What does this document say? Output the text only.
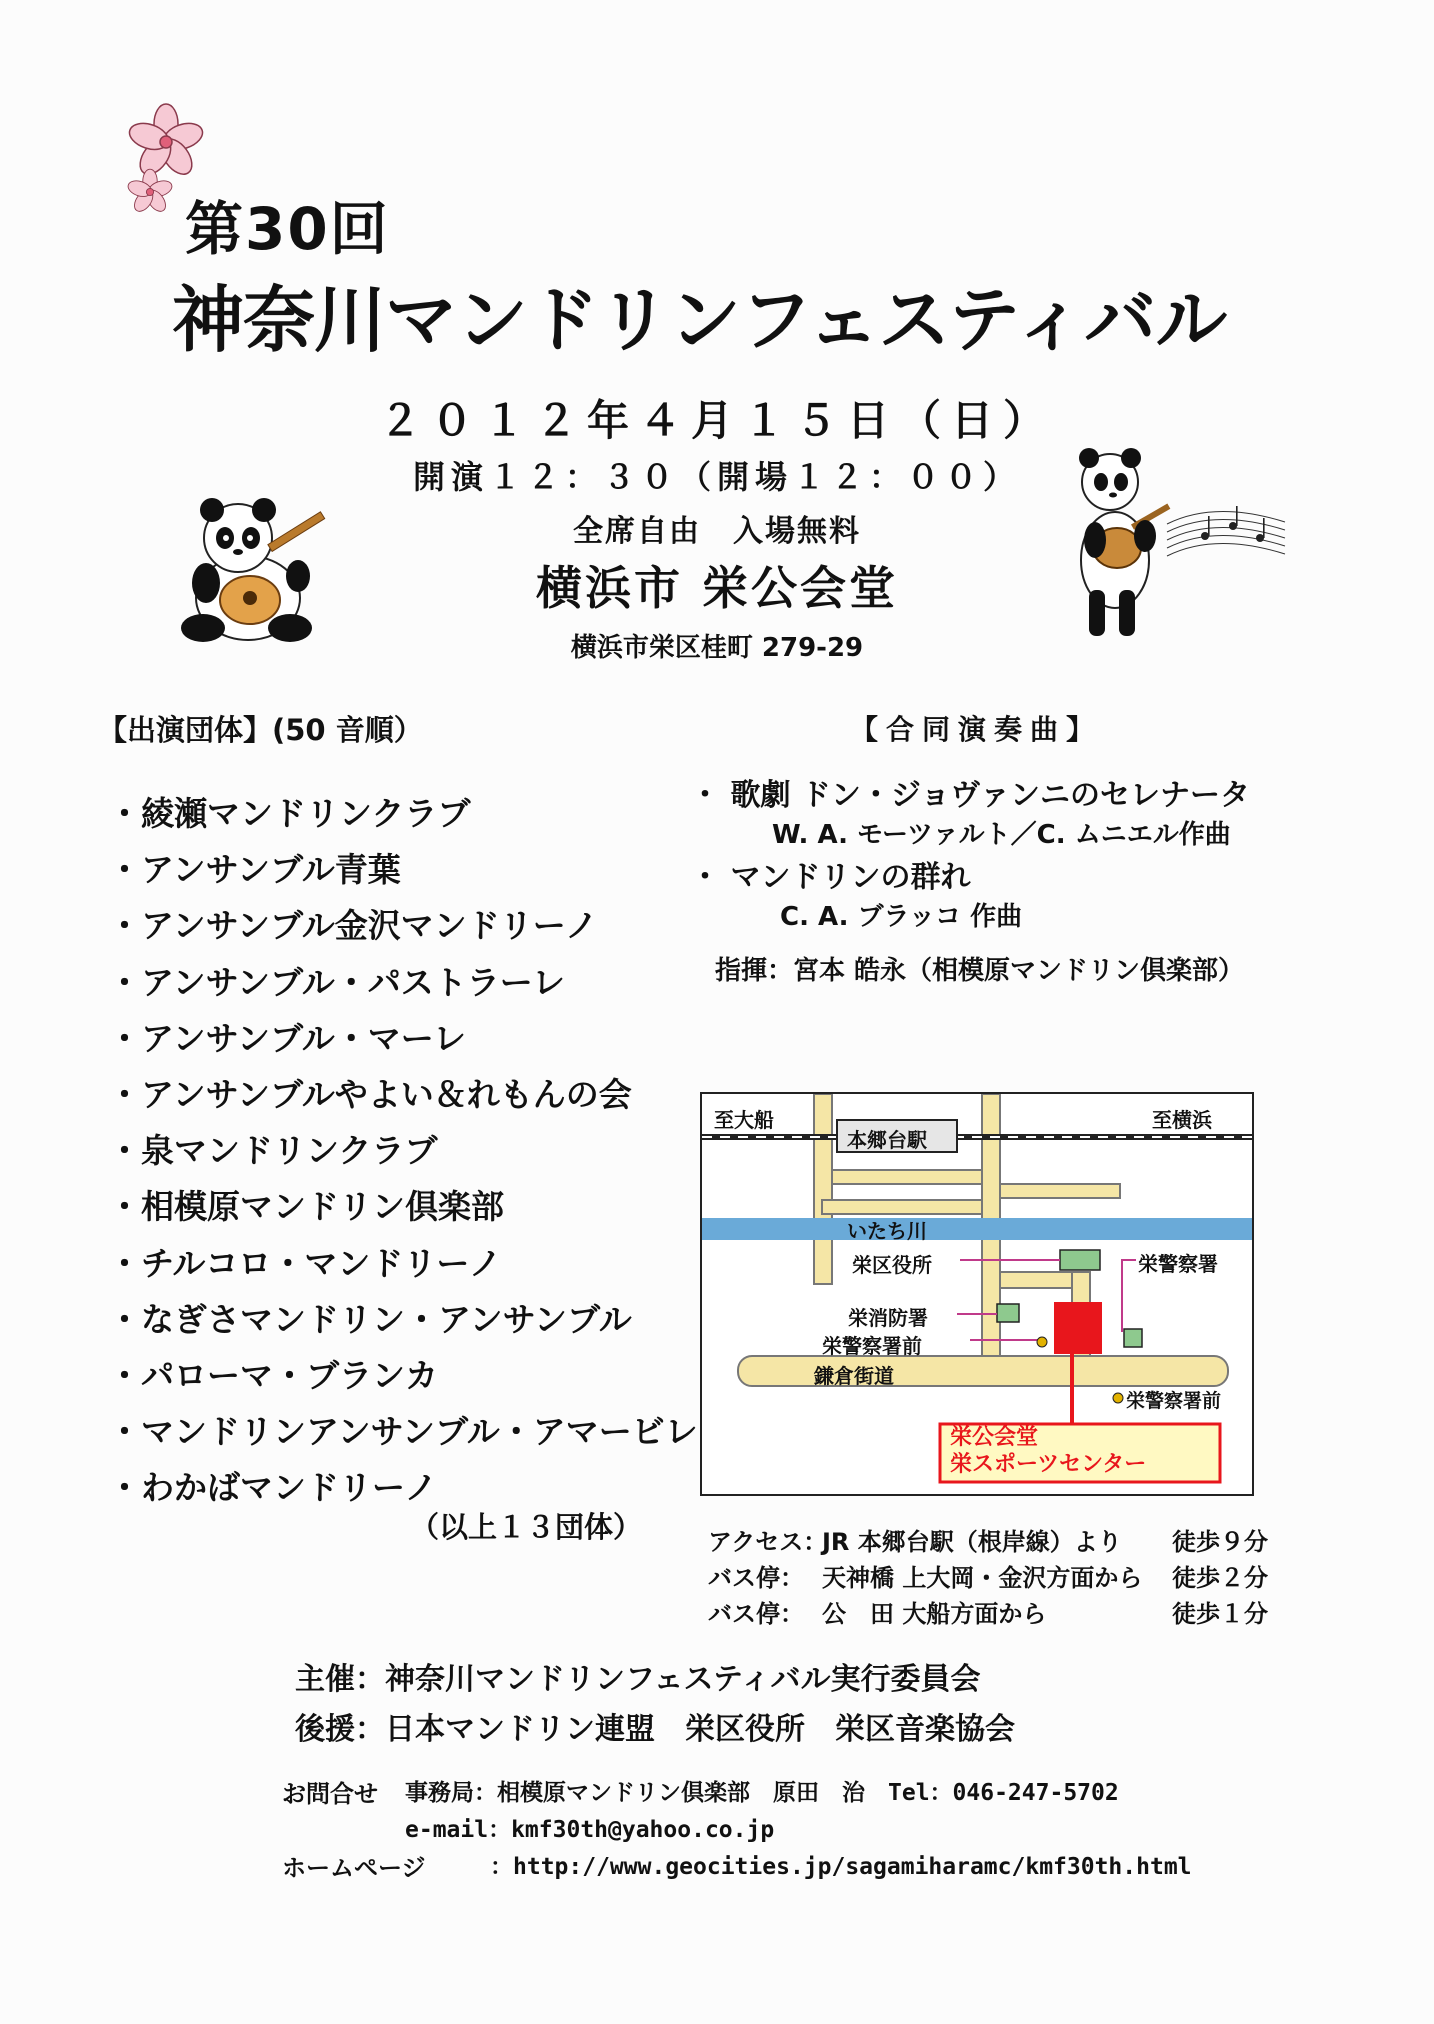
第30回
神奈川マンドリンフェスティバル
２０１２年４月１５日（日）
開演１２：３０（開場１２：００）
全席自由　入場無料
横浜市 栄公会堂
横浜市栄区桂町 279-29
【出演団体】(50 音順）
・綾瀬マンドリンクラブ
・アンサンブル青葉
・アンサンブル金沢マンドリーノ
・アンサンブル・パストラーレ
・アンサンブル・マーレ
・アンサンブルやよい＆れもんの会
・泉マンドリンクラブ
・相模原マンドリン倶楽部
・チルコロ・マンドリーノ
・なぎさマンドリン・アンサンブル
・パローマ・ブランカ
・マンドリンアンサンブル・アマービレ
・わかばマンドリーノ
（以上１３団体）
【合同演奏曲】
・ 歌劇 ドン・ジョヴァンニのセレナータ
W. A. モーツァルト／C. ムニエル作曲
・ マンドリンの群れ
C. A. ブラッコ 作曲
指揮：宮本 皓永（相模原マンドリン倶楽部）
至大船	至横浜
本郷台駅
いたち川
栄区役所	栄警察署
栄消防署
栄警察署前
鎌倉街道
栄警察署前
栄公会堂
栄スポーツセンター
アクセス：JR 本郷台駅（根岸線）より 徒歩９分
バス停： 天神橋 上大岡・金沢方面から 徒歩２分
バス停： 公　田 大船方面から	徒歩１分
主催：神奈川マンドリンフェスティバル実行委員会
後援：日本マンドリン連盟　栄区役所　栄区音楽協会
お問合せ 事務局：相模原マンドリン倶楽部　原田　治　Tel：046-247-5702
e-mail：kmf30th@yahoo.co.jp
ホームページ	：http://www.geocities.jp/sagamiharamc/kmf30th.html
